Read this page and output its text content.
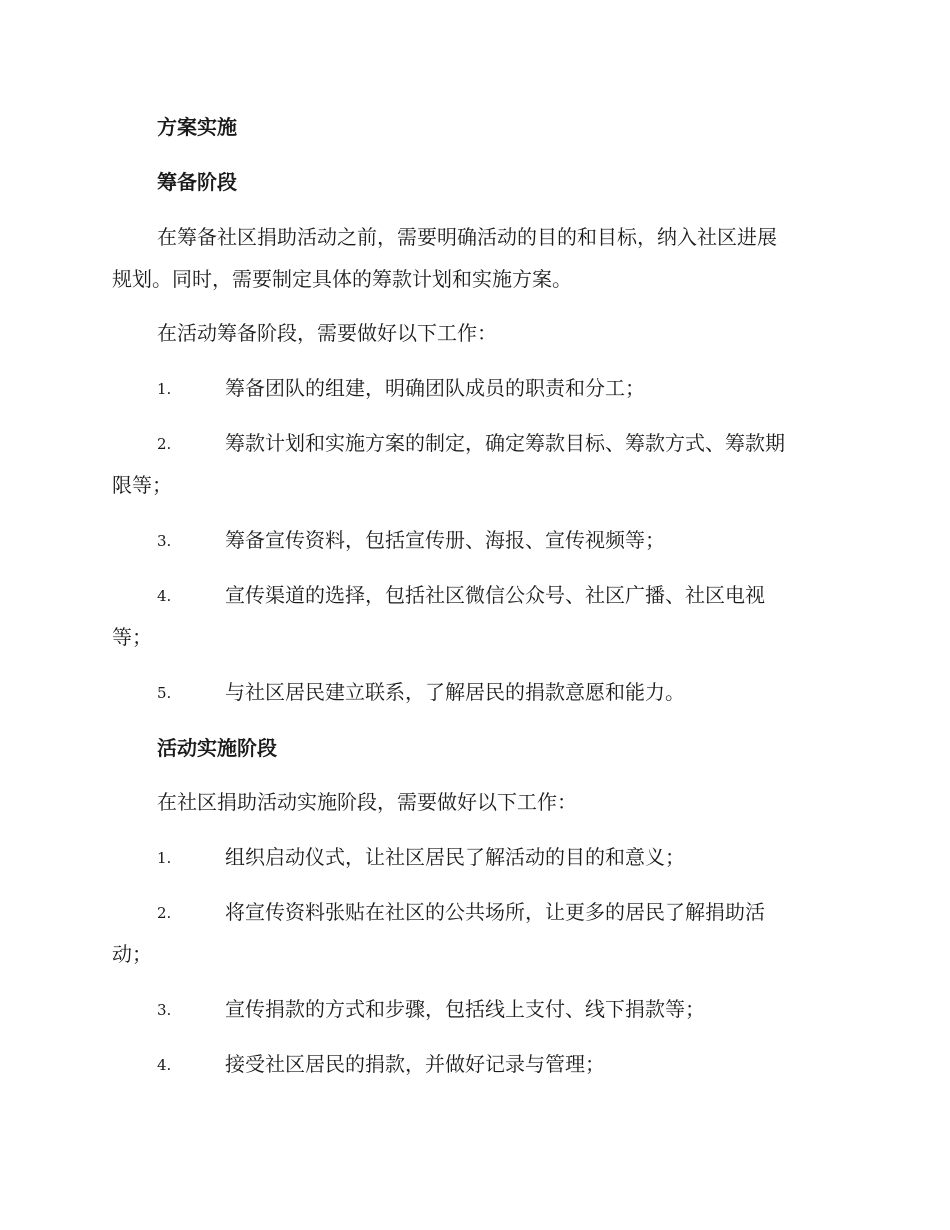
方案实施
筹备阶段
在筹备社区捐助活动之前，需要明确活动的目的和目标，纳入社区进展
规划。同时，需要制定具体的筹款计划和实施方案。
在活动筹备阶段，需要做好以下工作：
1.	筹备团队的组建，明确团队成员的职责和分工；
2.	筹款计划和实施方案的制定，确定筹款目标、筹款方式、筹款期
限等；
3.	筹备宣传资料，包括宣传册、海报、宣传视频等；
4.	宣传渠道的选择，包括社区微信公众号、社区广播、社区电视
等；
5.	与社区居民建立联系，了解居民的捐款意愿和能力。
活动实施阶段
在社区捐助活动实施阶段，需要做好以下工作：
1.	组织启动仪式，让社区居民了解活动的目的和意义；
2.	将宣传资料张贴在社区的公共场所，让更多的居民了解捐助活
动；
3.	宣传捐款的方式和步骤，包括线上支付、线下捐款等；
4.	接受社区居民的捐款，并做好记录与管理；
